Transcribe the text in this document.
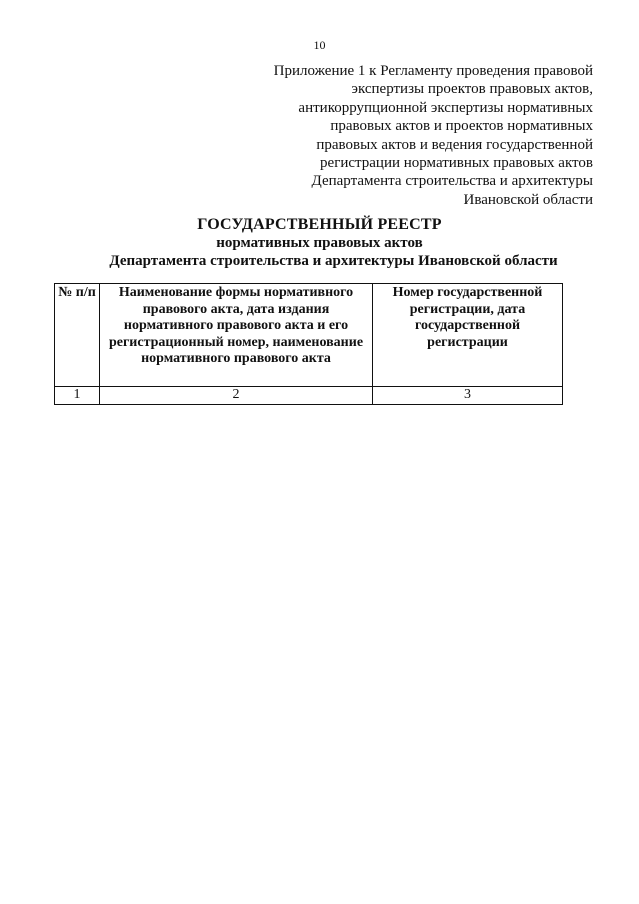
10
Приложение 1 к Регламенту проведения правовой
экспертизы проектов правовых актов,
антикоррупционной экспертизы нормативных
правовых актов и проектов нормативных
правовых актов и ведения государственной
регистрации нормативных правовых актов
Департамента строительства и архитектуры
Ивановской области
ГОСУДАРСТВЕННЫЙ РЕЕСТР
нормативных правовых актов
Департамента строительства и архитектуры Ивановской области
№ п/п	Наименование формы нормативного правового акта, дата издания нормативного правового акта и его регистрационный номер, наименование нормативного правового акта	Номер государственной регистрации, дата государственной регистрации
1	2	3
